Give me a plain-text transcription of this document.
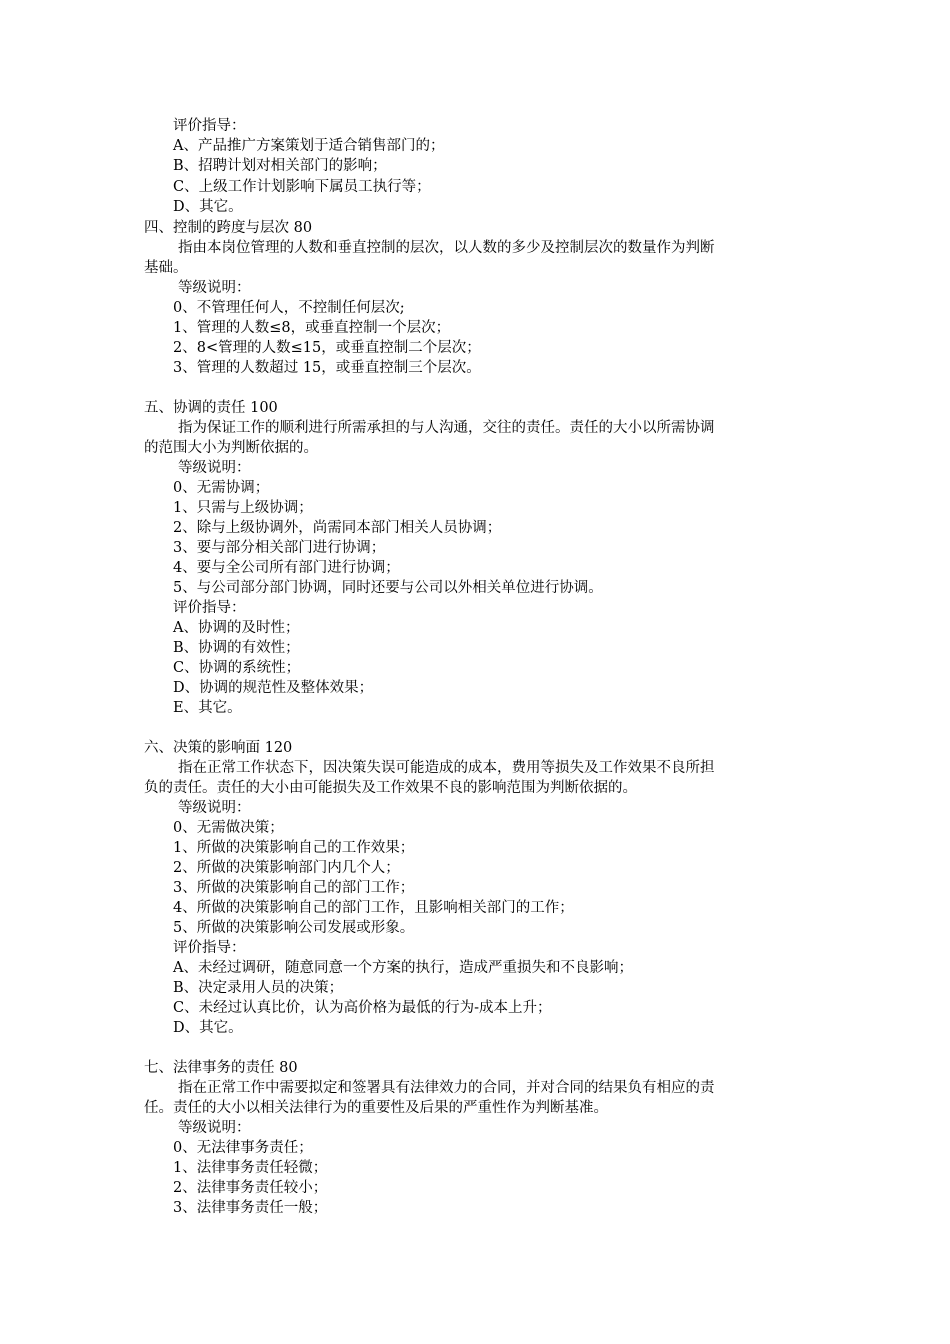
评价指导：
A、产品推广方案策划于适合销售部门的；
B、招聘计划对相关部门的影响；
C、上级工作计划影响下属员工执行等；
D、其它。
四、控制的跨度与层次 80
指由本岗位管理的人数和垂直控制的层次，以人数的多少及控制层次的数量作为判断
基础。
等级说明：
0、不管理任何人，不控制任何层次;
1、管理的人数≤8，或垂直控制一个层次；
2、8<管理的人数≤15，或垂直控制二个层次；
3、管理的人数超过 15，或垂直控制三个层次。
五、协调的责任 100
指为保证工作的顺利进行所需承担的与人沟通，交往的责任。责任的大小以所需协调
的范围大小为判断依据的。
等级说明：
0、无需协调；
1、只需与上级协调；
2、除与上级协调外，尚需同本部门相关人员协调；
3、要与部分相关部门进行协调；
4、要与全公司所有部门进行协调；
5、与公司部分部门协调，同时还要与公司以外相关单位进行协调。
评价指导：
A、协调的及时性；
B、协调的有效性；
C、协调的系统性；
D、协调的规范性及整体效果；
E、其它。
六、决策的影响面 120
指在正常工作状态下，因决策失误可能造成的成本，费用等损失及工作效果不良所担
负的责任。责任的大小由可能损失及工作效果不良的影响范围为判断依据的。
等级说明：
0、无需做决策；
1、所做的决策影响自己的工作效果；
2、所做的决策影响部门内几个人；
3、所做的决策影响自己的部门工作；
4、所做的决策影响自己的部门工作，且影响相关部门的工作；
5、所做的决策影响公司发展或形象。
评价指导：
A、未经过调研，随意同意一个方案的执行，造成严重损失和不良影响；
B、决定录用人员的决策；
C、未经过认真比价，认为高价格为最低的行为-成本上升；
D、其它。
七、法律事务的责任 80
指在正常工作中需要拟定和签署具有法律效力的合同，并对合同的结果负有相应的责
任。责任的大小以相关法律行为的重要性及后果的严重性作为判断基准。
等级说明：
0、无法律事务责任；
1、法律事务责任轻微；
2、法律事务责任较小；
3、法律事务责任一般；
